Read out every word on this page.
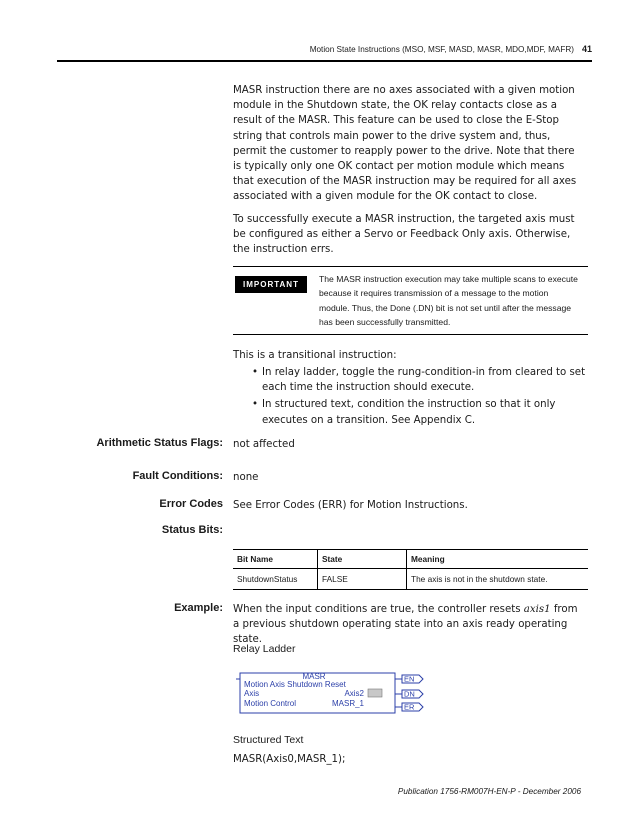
Motion State Instructions (MSO, MSF, MASD, MASR, MDO,MDF, MAFR) 41
MASR instruction there are no axes associated with a given motion module in the Shutdown state, the OK relay contacts close as a result of the MASR. This feature can be used to close the E-Stop string that controls main power to the drive system and, thus, permit the customer to reapply power to the drive. Note that there is typically only one OK contact per motion module which means that execution of the MASR instruction may be required for all axes associated with a given module for the OK contact to close.
To successfully execute a MASR instruction, the targeted axis must be configured as either a Servo or Feedback Only axis. Otherwise, the instruction errs.
IMPORTANT
The MASR instruction execution may take multiple scans to execute because it requires transmission of a message to the motion module. Thus, the Done (.DN) bit is not set until after the message has been successfully transmitted.
This is a transitional instruction:
• In relay ladder, toggle the rung-condition-in from cleared to set each time the instruction should execute.
• In structured text, condition the instruction so that it only executes on a transition. See Appendix C.
Arithmetic Status Flags: not affected
Fault Conditions: none
Error Codes See Error Codes (ERR) for Motion Instructions.
Status Bits:
Bit Name	State	Meaning
ShutdownStatus	FALSE	The axis is not in the shutdown state.
Example: When the input conditions are true, the controller resets axis1 from a previous shutdown operating state into an axis ready operating state.
Relay Ladder
MASR
Motion Axis Shutdown Reset
Axis	Axis2
Motion Control	MASR_1
EN
DN
ER
Structured Text
MASR(Axis0,MASR_1);
Publication 1756-RM007H-EN-P - December 2006
